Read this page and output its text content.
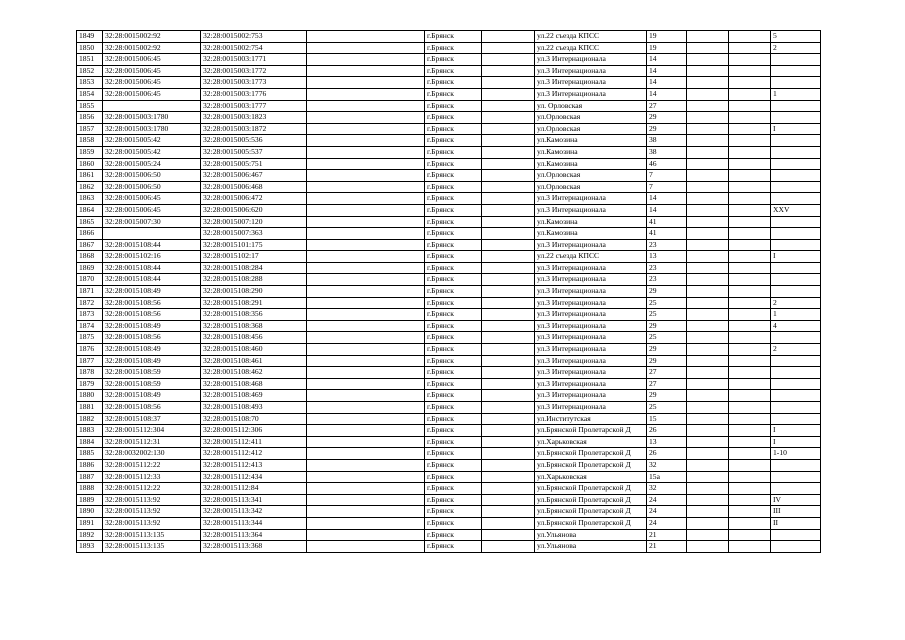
1849	32:28:0015002:92	32:28:0015002:753		г.Брянск		ул.22 съезда КПСС	19			5
1850	32:28:0015002:92	32:28:0015002:754		г.Брянск		ул.22 съезда КПСС	19			2
1851	32:28:0015006:45	32:28:0015003:1771		г.Брянск		ул.3 Интернационала	14			
1852	32:28:0015006:45	32:28:0015003:1772		г.Брянск		ул.3 Интернационала	14			
1853	32:28:0015006:45	32:28:0015003:1773		г.Брянск		ул.3 Интернационала	14			
1854	32:28:0015006:45	32:28:0015003:1776		г.Брянск		ул.3 Интернационала	14			1
1855		32:28:0015003:1777		г.Брянск		ул. Орловская	27			
1856	32:28:0015003:1780	32:28:0015003:1823		г.Брянск		ул.Орловская	29			
1857	32:28:0015003:1780	32:28:0015003:1872		г.Брянск		ул.Орловская	29			I
1858	32:28:0015005:42	32:28:0015005:536		г.Брянск		ул.Камозина	38			
1859	32:28:0015005:42	32:28:0015005:537		г.Брянск		ул.Камозина	38			
1860	32:28:0015005:24	32:28:0015005:751		г.Брянск		ул.Камозина	46			
1861	32:28:0015006:50	32:28:0015006:467		г.Брянск		ул.Орловская	7			
1862	32:28:0015006:50	32:28:0015006:468		г.Брянск		ул.Орловская	7			
1863	32:28:0015006:45	32:28:0015006:472		г.Брянск		ул.3 Интернационала	14			
1864	32:28:0015006:45	32:28:0015006:620		г.Брянск		ул.3 Интернационала	14			XXV
1865	32:28:0015007:30	32:28:0015007:120		г.Брянск		ул.Камозина	41			
1866		32:28:0015007:363		г.Брянск		ул.Камозина	41			
1867	32:28:0015108:44	32:28:0015101:175		г.Брянск		ул.3 Интернационала	23			
1868	32:28:0015102:16	32:28:0015102:17		г.Брянск		ул.22 съезда КПСС	13			I
1869	32:28:0015108:44	32:28:0015108:284		г.Брянск		ул.3 Интернационала	23			
1870	32:28:0015108:44	32:28:0015108:288		г.Брянск		ул.3 Интернационала	23			
1871	32:28:0015108:49	32:28:0015108:290		г.Брянск		ул.3 Интернационала	29			
1872	32:28:0015108:56	32:28:0015108:291		г.Брянск		ул.3 Интернационала	25			2
1873	32:28:0015108:56	32:28:0015108:356		г.Брянск		ул.3 Интернационала	25			1
1874	32:28:0015108:49	32:28:0015108:368		г.Брянск		ул.3 Интернационала	29			4
1875	32:28:0015108:56	32:28:0015108:456		г.Брянск		ул.3 Интернационала	25			
1876	32:28:0015108:49	32:28:0015108:460		г.Брянск		ул.3 Интернационала	29			2
1877	32:28:0015108:49	32:28:0015108:461		г.Брянск		ул.3 Интернационала	29			
1878	32:28:0015108:59	32:28:0015108:462		г.Брянск		ул.3 Интернационала	27			
1879	32:28:0015108:59	32:28:0015108:468		г.Брянск		ул.3 Интернационала	27			
1880	32:28:0015108:49	32:28:0015108:469		г.Брянск		ул.3 Интернационала	29			
1881	32:28:0015108:56	32:28:0015108:493		г.Брянск		ул.3 Интернационала	25			
1882	32:28:0015108:37	32:28:0015108:70		г.Брянск		ул.Институтская	15			
1883	32:28:0015112:304	32:28:0015112:306		г.Брянск		ул.Брянской Пролетарской Д	26			I
1884	32:28:0015112:31	32:28:0015112:411		г.Брянск		ул.Харьковская	13			I
1885	32:28:0032002:130	32:28:0015112:412		г.Брянск		ул.Брянской Пролетарской Д	26			1-10
1886	32:28:0015112:22	32:28:0015112:413		г.Брянск		ул.Брянской Пролетарской Д	32			
1887	32:28:0015112:33	32:28:0015112:434		г.Брянск		ул.Харьковская	15а			
1888	32:28:0015112:22	32:28:0015112:84		г.Брянск		ул.Брянской Пролетарской Д	32			
1889	32:28:0015113:92	32:28:0015113:341		г.Брянск		ул.Брянской Пролетарской Д	24			IV
1890	32:28:0015113:92	32:28:0015113:342		г.Брянск		ул.Брянской Пролетарской Д	24			III
1891	32:28:0015113:92	32:28:0015113:344		г.Брянск		ул.Брянской Пролетарской Д	24			II
1892	32:28:0015113:135	32:28:0015113:364		г.Брянск		ул.Ульянова	21			
1893	32:28:0015113:135	32:28:0015113:368		г.Брянск		ул.Ульянова	21			
